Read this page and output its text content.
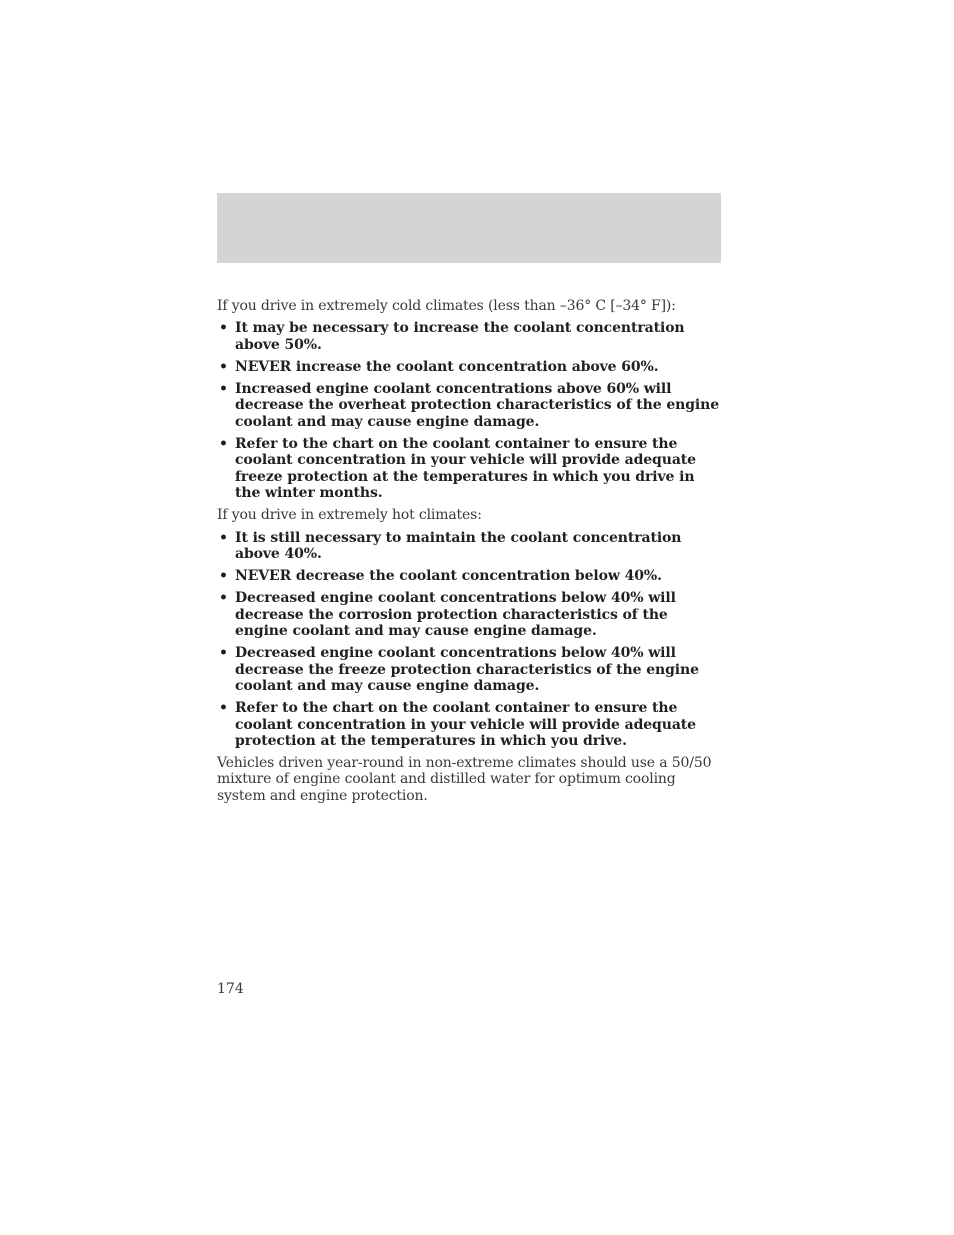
If you drive in extremely cold climates (less than –36° C [–34° F]):

• It may be necessary to increase the coolant concentration above 50%.
• NEVER increase the coolant concentration above 60%.
• Increased engine coolant concentrations above 60% will decrease the overheat protection characteristics of the engine coolant and may cause engine damage.
• Refer to the chart on the coolant container to ensure the coolant concentration in your vehicle will provide adequate freeze protection at the temperatures in which you drive in the winter months.

If you drive in extremely hot climates:

• It is still necessary to maintain the coolant concentration above 40%.
• NEVER decrease the coolant concentration below 40%.
• Decreased engine coolant concentrations below 40% will decrease the corrosion protection characteristics of the engine coolant and may cause engine damage.
• Decreased engine coolant concentrations below 40% will decrease the freeze protection characteristics of the engine coolant and may cause engine damage.
• Refer to the chart on the coolant container to ensure the coolant concentration in your vehicle will provide adequate protection at the temperatures in which you drive.

Vehicles driven year-round in non-extreme climates should use a 50/50 mixture of engine coolant and distilled water for optimum cooling system and engine protection.

174
